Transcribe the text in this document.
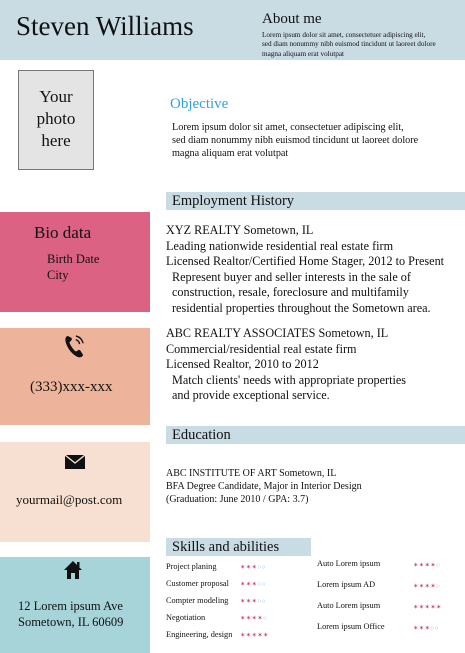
Steven Williams	About me
Lorem ipsum dolor sit amet, consectetuer adipiscing elit,
sed diam nonummy nibh euismod tincidunt ut laoreet dolore
magna aliquam erat volutpat
Your
photo
here
Objective
Lorem ipsum dolor sit amet, consectetuer adipiscing elit,
sed diam nonummy nibh euismod tincidunt ut laoreet dolore
magna aliquam erat volutpat
Bio data
Birth Date
City
(333)xxx-xxx
yourmail@post.com
12 Lorem ipsum Ave
Sometown, IL 60609
Employment History
XYZ REALTY Sometown, IL
Leading nationwide residential real estate firm
Licensed Realtor/Certified Home Stager, 2012 to Present
Represent buyer and seller interests in the sale of
construction, resale, foreclosure and multifamily
residential properties throughout the Sometown area.
ABC REALTY ASSOCIATES Sometown, IL
Commercial/residential real estate firm
Licensed Realtor, 2010 to 2012
Match clients' needs with appropriate properties
and provide exceptional service.
Education
ABC INSTITUTE OF ART Sometown, IL
BFA Degree Candidate, Major in Interior Design
(Graduation: June 2010 / GPA: 3.7)
Skills and abilities
Project planing	✶✶✶○○
Customer proposal ✶✶✶○○
Compter modeling ✶✶✶○○
Negotiation	✶✶✶✶○
Engineering, design ✶✶✶✶✶
Auto Lorem ipsum	✶✶✶✶○
Lorem ipsum AD	✶✶✶✶○
Auto Lorem ipsum	✶✶✶✶✶
Lorem ipsum Office	✶✶✶○○
